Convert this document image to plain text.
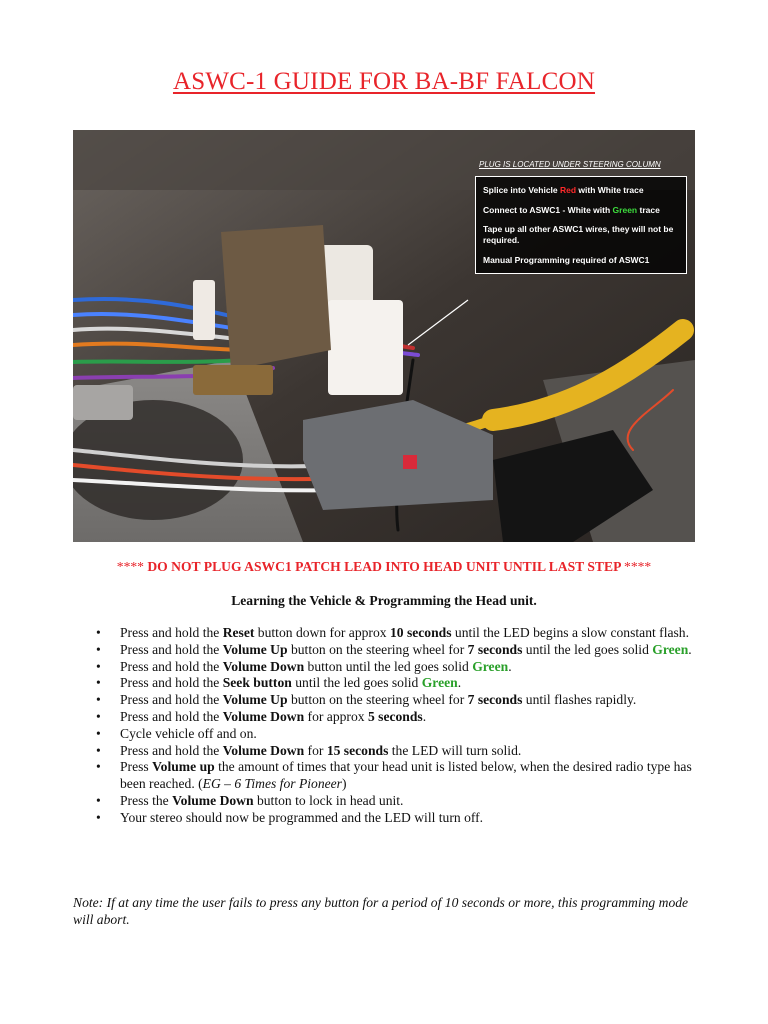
ASWC-1 GUIDE FOR BA-BF FALCON
PLUG IS LOCATED UNDER STEERING COLUMN
Splice into Vehicle Red with White trace
Connect to ASWC1 - White with Green trace
Tape up all other ASWC1 wires, they will not be required.
Manual Programming required of ASWC1
**** DO NOT PLUG ASWC1 PATCH LEAD INTO HEAD UNIT UNTIL LAST STEP ****
Learning the Vehicle & Programming the Head unit.
• Press and hold the Reset button down for approx 10 seconds until the LED begins a slow constant flash.
• Press and hold the Volume Up button on the steering wheel for 7 seconds until the led goes solid Green.
• Press and hold the Volume Down button until the led goes solid Green.
• Press and hold the Seek button until the led goes solid Green.
• Press and hold the Volume Up button on the steering wheel for 7 seconds until flashes rapidly.
• Press and hold the Volume Down for approx 5 seconds.
• Cycle vehicle off and on.
• Press and hold the Volume Down for 15 seconds the LED will turn solid.
• Press Volume up the amount of times that your head unit is listed below, when the desired radio type has been reached. (EG – 6 Times for Pioneer)
• Press the Volume Down button to lock in head unit.
• Your stereo should now be programmed and the LED will turn off.
Note: If at any time the user fails to press any button for a period of 10 seconds or more, this programming mode will abort.
